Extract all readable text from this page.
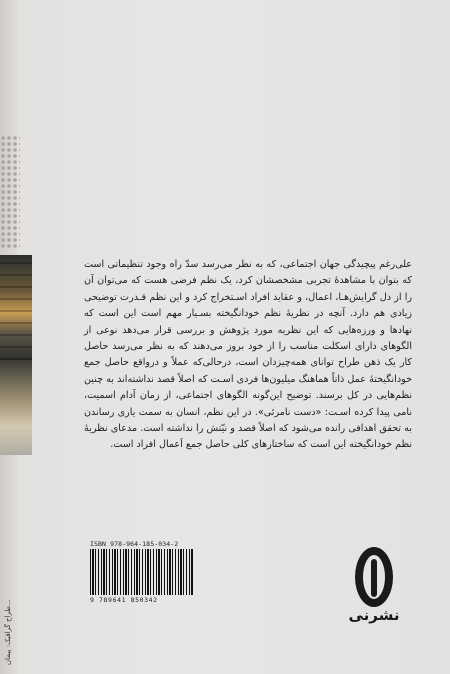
طراح گرافیک: پیمان...
علی‌رغم پیچیدگی جهان اجتماعی، که به نظر می‌رسد سدّ راه وجود تنظیماتی است که بتوان با مشاهدهٔ تجربی مشخصشان کرد، یک نظم فرضی هست که می‌توان آن را از دل گرایش‌هـا، اعمال، و عقاید افراد اسـتخراج کرد و این نظم قـدرت توضیحی زیادی هم دارد. آنچه در نظریهٔ نظم خودانگیخته بسـیار مهم است این است که نهادها و ورزه‌هایی که این نظریه مورد پژوهش و بررسی قرار می‌دهد نوعی از الگوهای دارای اسکلت مناسب را از خود بروز می‌دهند که به نظر می‌رسد حاصل کار یک ذهن طراح توانای همه‌چیزدان است، درحالی‌که عملاً و درواقع حاصل جمع خودانگیختهٔ عمل ذاتاً هماهنگ میلیون‌ها فردی اسـت که اصلاً قصد نداشته‌اند به چنین نظم‌هایی در کل برسند. توضیح این‌گونه الگوهای اجتماعی، از زمان آدام اسمیت، نامی پیدا کرده اسـت: «دست نامرئی». در این نظم، انسان به سمت یاری رساندن به تحقق اهدافی رانده می‌شود که اصلاً قصد و نیّتش را نداشته است. مدعای نظریهٔ نظم خودانگیخته این است که ساختارهای کلی حاصل جمع اَعمال افراد است.
ISBN 978-964-185-034-2
9 789641 850342
نشرنی
